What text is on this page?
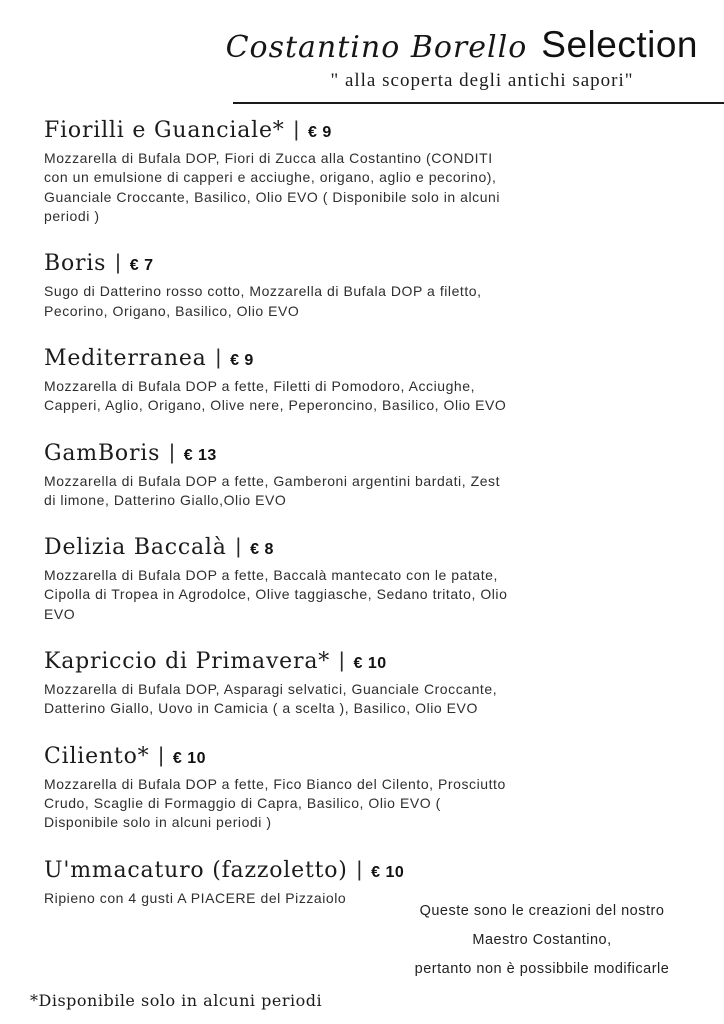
Costantino Borello Selection
" alla scoperta degli antichi sapori"
Fiorilli e Guanciale* | € 9
Mozzarella di Bufala DOP, Fiori di Zucca alla Costantino (CONDITI con un emulsione di capperi e acciughe, origano, aglio e pecorino), Guanciale Croccante, Basilico, Olio EVO ( Disponibile solo in alcuni periodi )
Boris | € 7
Sugo di Datterino rosso cotto, Mozzarella di Bufala DOP a filetto, Pecorino, Origano, Basilico, Olio EVO
Mediterranea | € 9
Mozzarella di Bufala DOP a fette, Filetti di Pomodoro, Acciughe, Capperi, Aglio, Origano, Olive nere, Peperoncino, Basilico, Olio EVO
GamBoris | € 13
Mozzarella di Bufala DOP a fette, Gamberoni argentini bardati, Zest di limone, Datterino Giallo,Olio EVO
Delizia Baccalà | € 8
Mozzarella di Bufala DOP a fette, Baccalà mantecato con le patate, Cipolla di Tropea in Agrodolce, Olive taggiasche, Sedano tritato, Olio EVO
Kapriccio di Primavera* | € 10
Mozzarella di Bufala DOP, Asparagi selvatici, Guanciale Croccante, Datterino Giallo, Uovo in Camicia ( a scelta ), Basilico, Olio EVO
Ciliento* | € 10
Mozzarella di Bufala DOP a fette, Fico Bianco del Cilento, Prosciutto Crudo, Scaglie di Formaggio di Capra, Basilico, Olio EVO ( Disponibile solo in alcuni periodi )
U'mmacaturo (fazzoletto) | € 10
Ripieno con 4 gusti A PIACERE del Pizzaiolo
Queste sono le creazioni del nostro
Maestro Costantino,
pertanto non è possibbile modificarle
*Disponibile solo in alcuni periodi
